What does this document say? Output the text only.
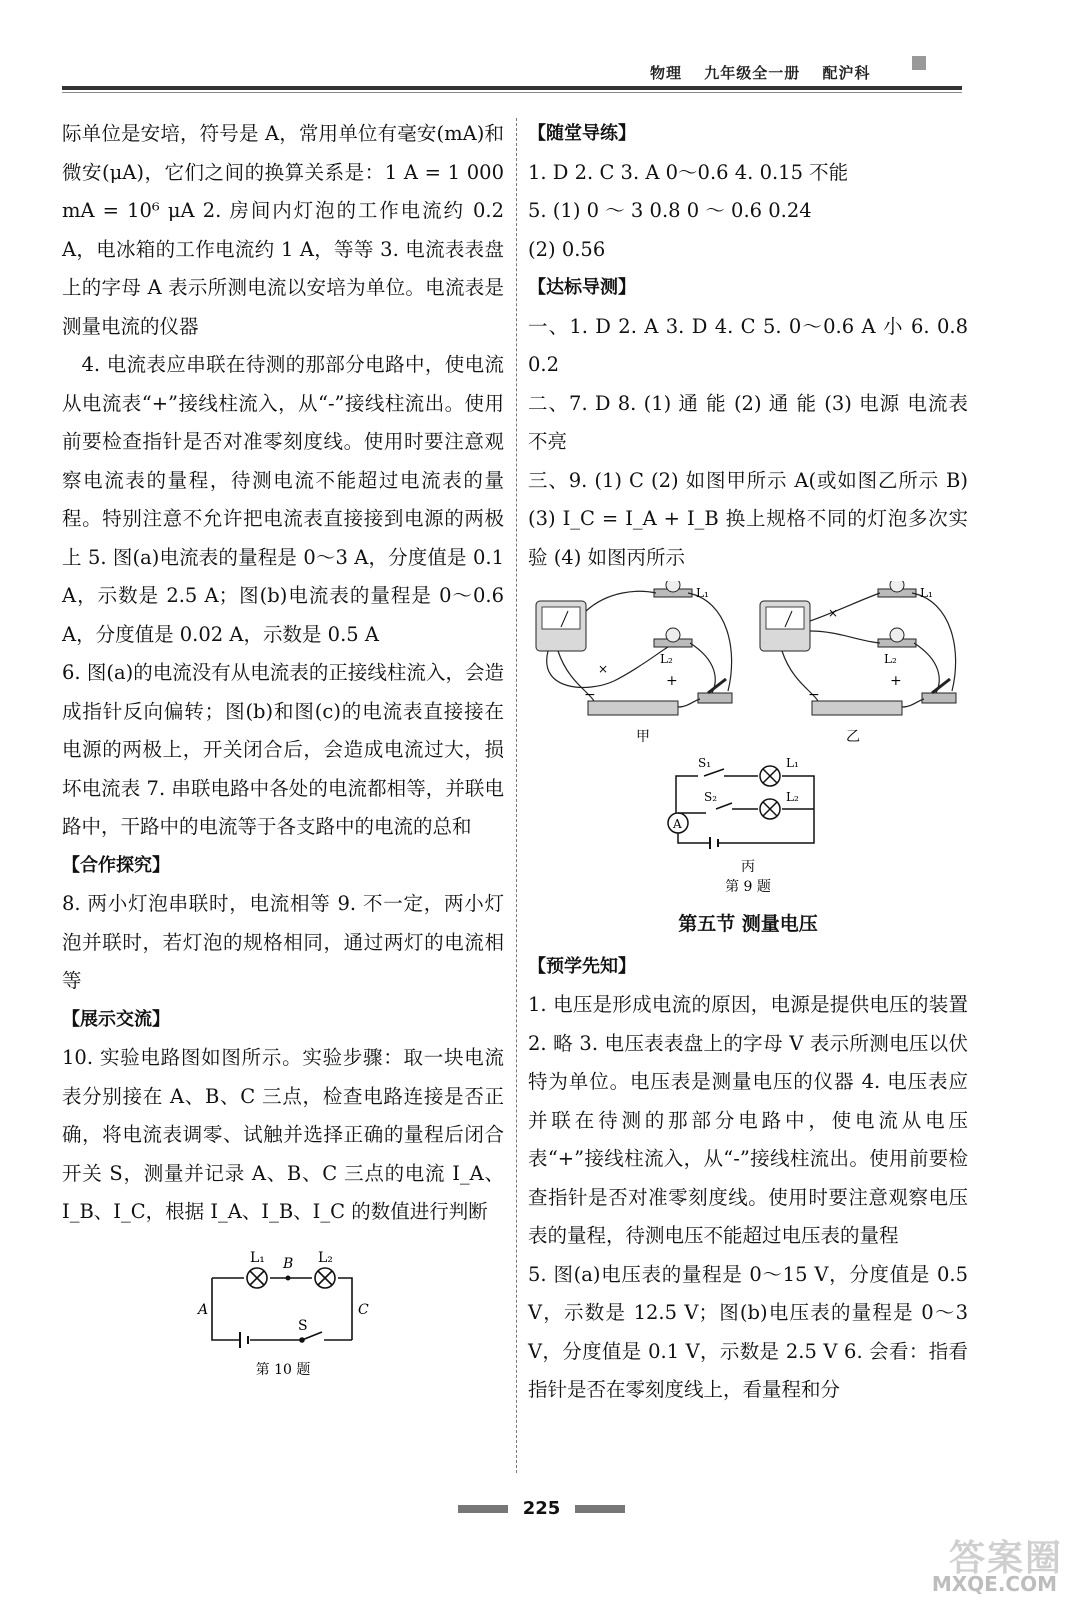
物理 九年级全一册 配沪科

际单位是安培，符号是 A，常用单位有毫安(mA)和微安(μA)，它们之间的换算关系是：1 A = 1 000 mA = 10⁶ μA 2. 房间内灯泡的工作电流约 0.2 A，电冰箱的工作电流约 1 A，等等 3. 电流表表盘上的字母 A 表示所测电流以安培为单位。电流表是测量电流的仪器

4. 电流表应串联在待测的那部分电路中，使电流从电流表“+”接线柱流入，从“-”接线柱流出。使用前要检查指针是否对准零刻度线。使用时要注意观察电流表的量程，待测电流不能超过电流表的量程。特别注意不允许把电流表直接接到电源的两极上 5. 图(a)电流表的量程是 0～3 A，分度值是 0.1 A，示数是 2.5 A；图(b)电流表的量程是 0～0.6 A，分度值是 0.02 A，示数是 0.5 A

6. 图(a)的电流没有从电流表的正接线柱流入，会造成指针反向偏转；图(b)和图(c)的电流表直接接在电源的两极上，开关闭合后，会造成电流过大，损坏电流表 7. 串联电路中各处的电流都相等，并联电路中，干路中的电流等于各支路中的电流的总和

【合作探究】

8. 两小灯泡串联时，电流相等 9. 不一定，两小灯泡并联时，若灯泡的规格相同，通过两灯的电流相等

【展示交流】

10. 实验电路图如图所示。实验步骤：取一块电流表分别接在 A、B、C 三点，检查电路连接是否正确，将电流表调零、试触并选择正确的量程后闭合开关 S，测量并记录 A、B、C 三点的电流 I_A、I_B、I_C，根据 I_A、I_B、I_C 的数值进行判断

L₁	L₂
B
A	C
S
第 10 题

【随堂导练】

1. D 2. C 3. A 0～0.6 4. 0.15 不能

5. (1) 0 ～ 3 0.8 0 ～ 0.6 0.24

(2) 0.56

【达标导测】

一、1. D 2. A 3. D 4. C 5. 0～0.6 A 小 6. 0.8 0.2

二、7. D 8. (1) 通 能 (2) 通 能 (3) 电源 电流表 不亮

三、9. (1) C (2) 如图甲所示 A(或如图乙所示 B) (3) I_C = I_A + I_B 换上规格不同的灯泡多次实验 (4) 如图丙所示

×
L₁
L₂
−
+
甲
×
L₁
L₂
−
+
乙
S₁
S₂
L₁
L₂
A
丙
第 9 题

第五节 测量电压

【预学先知】

1. 电压是形成电流的原因，电源是提供电压的装置 2. 略 3. 电压表表盘上的字母 V 表示所测电压以伏特为单位。电压表是测量电压的仪器 4. 电压表应并联在待测的那部分电路中，使电流从电压表“+”接线柱流入，从“-”接线柱流出。使用前要检查指针是否对准零刻度线。使用时要注意观察电压表的量程，待测电压不能超过电压表的量程

5. 图(a)电压表的量程是 0～15 V，分度值是 0.5 V，示数是 12.5 V；图(b)电压表的量程是 0～3 V，分度值是 0.1 V，示数是 2.5 V 6. 会看：指看指针是否在零刻度线上，看量程和分

225
答案圈
MXQE.COM
